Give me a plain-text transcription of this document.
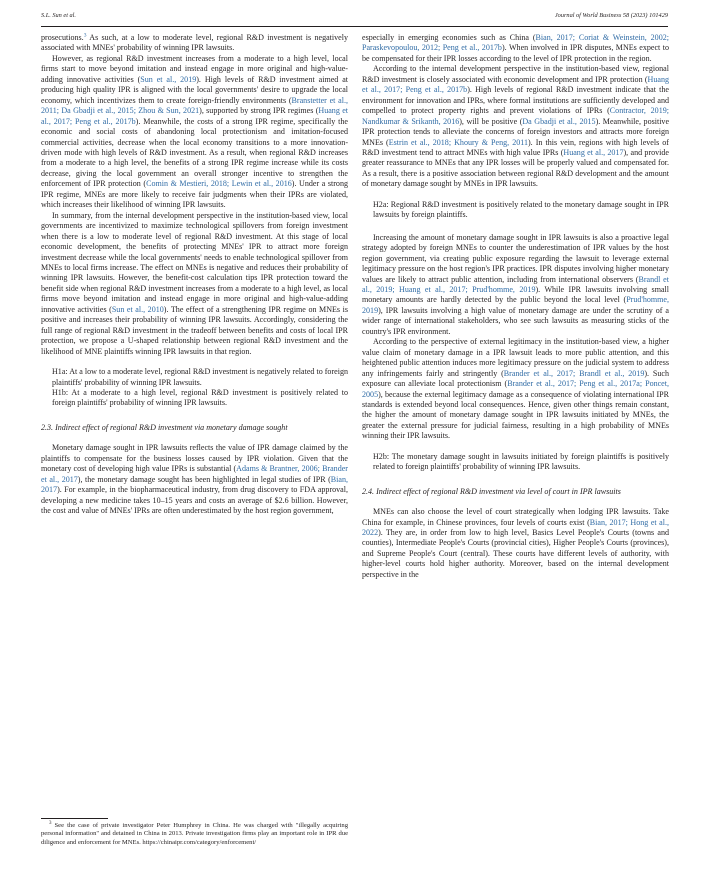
S.L. Sun et al.	Journal of World Business 58 (2023) 101429

prosecutions.$^3$ As such, at a low to moderate level, regional R&D investment is negatively associated with MNEs' probability of winning IPR lawsuits.

However, as regional R&D investment increases from a moderate to a high level, local firms start to move beyond imitation and instead engage in more original and high-value-adding innovative activities (Sun et al., 2019). High levels of R&D investment aimed at producing high quality IPR is aligned with the local governments' desire to upgrade the local economy, which incentivizes them to create foreign-friendly environments (Branstetter et al., 2011; Da Gbadji et al., 2015; Zhou & Sun, 2021), supported by strong IPR regimes (Huang et al., 2017; Peng et al., 2017b). Meanwhile, the costs of a strong IPR regime, specifically the economic and social costs of abandoning local protectionism and imitation-focused commercial activities, decrease when the local economy transitions to a more innovation-driven mode with high levels of R&D investment. As a result, when regional R&D increases from a moderate to a high level, the benefits of a strong IPR regime increase while its costs decrease, giving the local government an overall stronger incentive to strengthen the enforcement of IPR protection (Comin & Mestieri, 2018; Lewin et al., 2016). Under a strong IPR regime, MNEs are more likely to receive fair judgments when their IPRs are violated, which increases their likelihood of winning IPR lawsuits.

In summary, from the internal development perspective in the institution-based view, local governments are incentivized to maximize technological spillovers from foreign investment when there is a low to moderate level of regional R&D investment. At this stage of local economic development, the benefits of protecting MNEs' IPR to attract more foreign investment decrease while the local governments' needs to enable technological spillover from MNEs to local firms increase. The effect on MNEs is negative and reduces their probability of winning IPR lawsuits. However, the benefit-cost calculation tips IPR protection toward the benefit side when regional R&D investment increases from a moderate to a high level, as local firms move beyond imitation and instead engage in more original and high-value-adding innovative activities (Sun et al., 2010). The effect of a strengthening IPR regime on MNEs is positive and increases their probability of winning IPR lawsuits. Accordingly, considering the full range of regional R&D investment in the tradeoff between benefits and costs of local IPR protection, we propose a U-shaped relationship between regional R&D investment and the likelihood of MNE plaintiffs winning IPR lawsuits in that region.

H1a: At a low to a moderate level, regional R&D investment is negatively related to foreign plaintiffs' probability of winning IPR lawsuits.
H1b: At a moderate to a high level, regional R&D investment is positively related to foreign plaintiffs' probability of winning IPR lawsuits.

2.3. Indirect effect of regional R&D investment via monetary damage sought

Monetary damage sought in IPR lawsuits reflects the value of IPR damage claimed by the plaintiffs to compensate for the business losses caused by IPR violation. Given that the monetary cost of developing high value IPRs is substantial (Adams & Brantner, 2006; Brander et al., 2017), the monetary damage sought has been highlighted in legal studies of IPR (Bian, 2017). For example, in the biopharmaceutical industry, from drug discovery to FDA approval, developing a new medicine takes 10–15 years and costs an average of $2.6 billion. However, the cost and value of MNEs' IPRs are often underestimated by the host region government,

$^3$ See the case of private investigator Peter Humphrey in China. He was charged with "illegally acquiring personal information" and detained in China in 2013. Private investigation firms play an important role in IPR due diligence and enforcement for MNEs. https://chinaipr.com/category/enforcement/

especially in emerging economies such as China (Bian, 2017; Coriat & Weinstein, 2002; Paraskevopoulou, 2012; Peng et al., 2017b). When involved in IPR disputes, MNEs expect to be compensated for their IPR losses according to the level of IPR protection in the region.

According to the internal development perspective in the institution-based view, regional R&D investment is closely associated with economic development and IPR protection (Huang et al., 2017; Peng et al., 2017b). High levels of regional R&D investment indicate that the environment for innovation and IPRs, where formal institutions are sufficiently developed and compelled to protect property rights and prevent violations of IPRs (Contractor, 2019; Nandkumar & Srikanth, 2016), will be positive (Da Gbadji et al., 2015). Meanwhile, positive IPR protection tends to alleviate the concerns of foreign investors and attracts more foreign MNEs (Estrin et al., 2018; Khoury & Peng, 2011). In this vein, regions with high levels of R&D investment tend to attract MNEs with high value IPRs (Huang et al., 2017), and provide greater reassurance to MNEs that any IPR losses will be properly valued and compensated for. As a result, there is a positive association between regional R&D development and the amount of monetary damage sought by MNEs in IPR lawsuits.

H2a: Regional R&D investment is positively related to the monetary damage sought in IPR lawsuits by foreign plaintiffs.

Increasing the amount of monetary damage sought in IPR lawsuits is also a proactive legal strategy adopted by foreign MNEs to counter the underestimation of IPR values by the host region government, via creating public exposure regarding the lawsuit to leverage external legitimacy pressure on the host region's IPR practices. IPR disputes involving higher monetary values are likely to attract public attention, including from international observers (Brandl et al., 2019; Huang et al., 2017; Prud'homme, 2019). While IPR lawsuits involving small monetary amounts are hardly detected by the public beyond the local level (Prud'homme, 2019), IPR lawsuits involving a high value of monetary damage are under the scrutiny of a wider range of international stakeholders, who see such lawsuits as measuring sticks of the country's IPR environment.

According to the perspective of external legitimacy in the institution-based view, a higher value claim of monetary damage in a IPR lawsuit leads to more public attention, and this heightened public attention induces more legitimacy pressure on the judicial system to address any infringements fairly and stringently (Brander et al., 2017; Brandl et al., 2019). Such exposure can alleviate local protectionism (Brander et al., 2017; Peng et al., 2017a; Poncet, 2005), because the external legitimacy damage as a consequence of violating international IPR standards is extended beyond local consequences. Hence, given other things remain constant, the higher the amount of monetary damage sought in IPR lawsuits initiated by MNEs, the greater the external pressure for judicial fairness, resulting in a high probability of MNEs winning their IPR lawsuits.

H2b: The monetary damage sought in lawsuits initiated by foreign plaintiffs is positively related to foreign plaintiffs' probability of winning IPR lawsuits.

2.4. Indirect effect of regional R&D investment via level of court in IPR lawsuits

MNEs can also choose the level of court strategically when lodging IPR lawsuits. Take China for example, in Chinese provinces, four levels of courts exist (Bian, 2017; Hong et al., 2022). They are, in order from low to high level, Basics Level People's Courts (towns and counties), Intermediate People's Courts (provincial cities), Higher People's Courts (provinces), and Supreme People's Court (central). These courts have different levels of authority, with higher-level courts hold higher authority. Moreover, based on the internal development perspective in the
